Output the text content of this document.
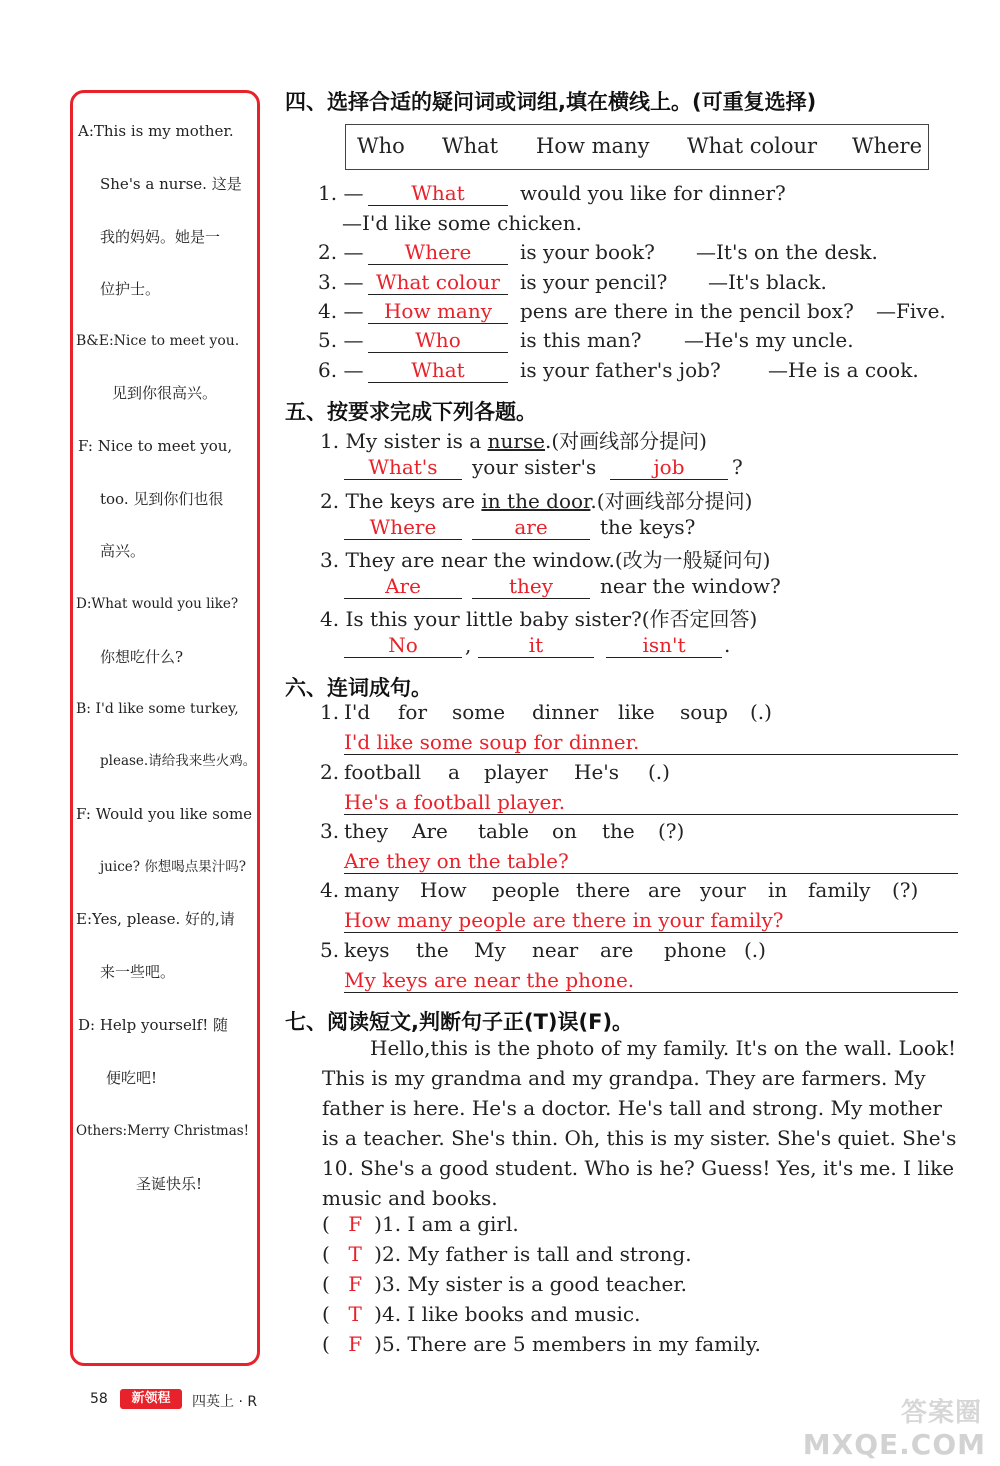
A:This is my mother.
She's a nurse. 这是
我的妈妈。她是一
位护士。
B&E:Nice to meet you.
见到你很高兴。
F: Nice to meet you,
too. 见到你们也很
高兴。
D:What would you like?
你想吃什么?
B: I'd like some turkey,
please.请给我来些火鸡。
F: Would you like some
juice? 你想喝点果汁吗?
E:Yes, please. 好的,请
来一些吧。
D: Help yourself! 随
便吃吧!
Others:Merry Christmas!
圣诞快乐!
四、选择合适的疑问词或词组,填在横线上。(可重复选择)
Who What How many What colour Where
1. —	What	would you like for dinner?
—I'd like some chicken.
2. —	Where	is your book? —It's on the desk.
3. — What colour	is your pencil? —It's black.
4. —	How many	pens are there in the pencil box? —Five.
5. —	Who	is this man? —He's my uncle.
6. —	What	is your father's job? —He is a cook.
五、按要求完成下列各题。
1. My sister is a nurse.(对画线部分提问)
What's	your sister's	job	?
2. The keys are in the door.(对画线部分提问)
Where	are	the keys?
3. They are near the window.(改为一般疑问句)
Are	they	near the window?
4. Is this your little baby sister?(作否定回答)
No	,	it	isn't	.
六、连词成句。
1. I'd for some dinner like soup (.)
I'd like some soup for dinner.
2. football a player He's (.)
He's a football player.
3. they Are table on the (?)
Are they on the table?
4. many How people there are your in family (?)
How many people are there in your family?
5. keys the My near are phone (.)
My keys are near the phone.
七、阅读短文,判断句子正(T)误(F)。
Hello,this is the photo of my family. It's on the wall. Look! This is my grandma and my grandpa. They are farmers. My father is here. He's a doctor. He's tall and strong. My mother is a teacher. She's thin. Oh, this is my sister. She's quiet. She's 10. She's a good student. Who is he? Guess! Yes, it's me. I like music and books.
( F )1. I am a girl.
( T )2. My father is tall and strong.
( F )3. My sister is a good teacher.
( T )4. I like books and music.
( F )5. There are 5 members in my family.
58	新领程	四英上 · R	答案圈
MXQE.COM
